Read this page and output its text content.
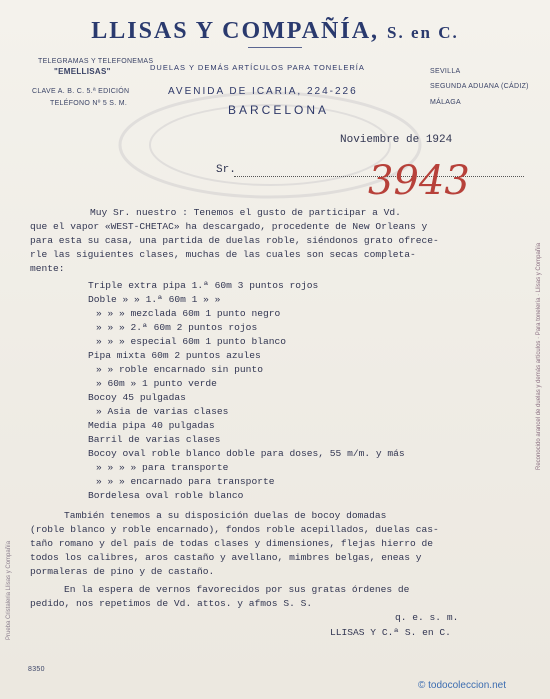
LLISAS Y COMPAÑÍA, S. en C.
TELEGRAMAS Y TELEFONEMAS
"EMELLISAS"
CLAVE A. B. C. 5.ª EDICIÓN
TELÉFONO Nº 5 S. M.
DUELAS Y DEMÁS ARTÍCULOS PARA TONELERÍA
AVENIDA DE ICARIA, 224-226
BARCELONA
SEVILLA
SEGUNDA ADUANA (CÁDIZ)
MÁLAGA
Noviembre de 1924
Sr.	3943
Muy Sr. nuestro : Tenemos el gusto de participar a Vd.
que el vapor «WEST-CHETAC» ha descargado, procedente de New Orleans y
para esta su casa, una partida de duelas roble, siéndonos grato ofrece-
rle las siguientes clases, muchas de las cuales son secas completa-
mente:
Triple extra pipa 1.ª 60m 3 puntos rojos
Doble » » 1.ª 60m 1 » »
» » » mezclada 60m 1 punto negro
» » » 2.ª 60m 2 puntos rojos
» » » especial 60m 1 punto blanco
Pipa mixta 60m 2 puntos azules
» » roble encarnado sin punto
» 60m » 1 punto verde
Bocoy 45 pulgadas
» Asia de varias clases
Media pipa 40 pulgadas
Barril de varias clases
Bocoy oval roble blanco doble para doses, 55 m/m. y más
» » » » para transporte
» » » encarnado para transporte
Bordelesa oval roble blanco
También tenemos a su disposición duelas de bocoy domadas
(roble blanco y roble encarnado), fondos roble acepillados, duelas cas-
taño romano y del país de todas clases y dimensiones, flejas hierro de
todos los calibres, aros castaño y avellano, mimbres belgas, eneas y
pormaleras de pino y de castaño.
En la espera de vernos favorecidos por sus gratas órdenes de
pedido, nos repetimos de Vd. attos. y afmos S. S.
q. e. s. m.
LLISAS Y C.ª S. en C.
Prueba Cristaleria Llisas y Compañía
Reconocido arancel de duelas y demás artículos · Para tonelería · Llisas y Compañía
8350
© todocoleccion.net
